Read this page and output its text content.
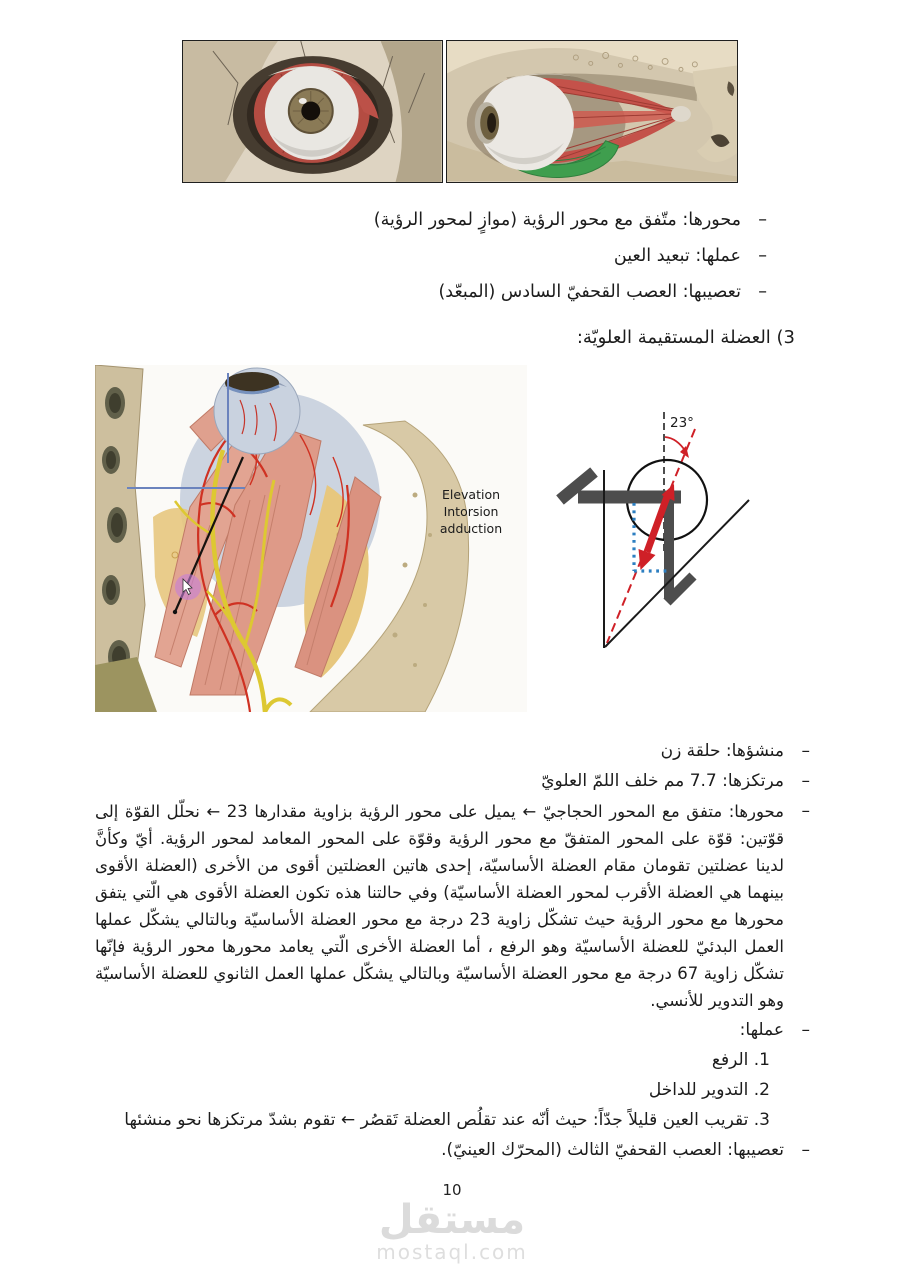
–
محورها: متّفق مع محور الرؤية (موازٍ لمحور الرؤية)
–
عملها: تبعيد العين
–
تعصيبها: العصب القحفيّ السادس (المبعّد)
3) العضلة المستقيمة العلويّة:
Elevation
Intorsion
adduction
23°
–
منشؤها: حلقة زن
–
مرتكزها: 7.7 مم خلف اللمّ العلويّ
–
محورها: متفق مع المحور الحجاجيّ ← يميل على محور الرؤية بزاوية مقدارها 23 ← نحلّل القوّة إلى قوّتين: قوّة على المحور المتفقّ مع محور الرؤية وقوّة على المحور المعامد لمحور الرؤية. أيّ وكأنَّ لدينا عضلتين تقومان مقام العضلة الأساسيّة، إحدى هاتين العضلتين أقوى من الأخرى (العضلة الأقوى بينهما هي العضلة الأقرب لمحور العضلة الأساسيّة) وفي حالتنا هذه تكون العضلة الأقوى هي الّتي يتفق محورها مع محور الرؤية حيث تشكّل زاوية 23 درجة مع محور العضلة الأساسيّة وبالتالي يشكّل عملها العمل البدئيّ للعضلة الأساسيّة وهو الرفع ، أما العضلة الأخرى الّتي يعامد محورها محور الرؤية فإنّها تشكّل زاوية 67 درجة مع محور العضلة الأساسيّة وبالتالي يشكّل عملها العمل الثانوي للعضلة الأساسيّة وهو التدوير للأنسي.
–
عملها:
1. الرفع
2. التدوير للداخل
3. تقريب العين قليلاً جدّاً: حيث أنّه عند تقلُص العضلة تَقصُر ← تقوم بشدّ مرتكزها نحو منشئها
–
تعصيبها: العصب القحفيّ الثالث (المحرّك العينيّ).
10
مستقل
mostaql.com
